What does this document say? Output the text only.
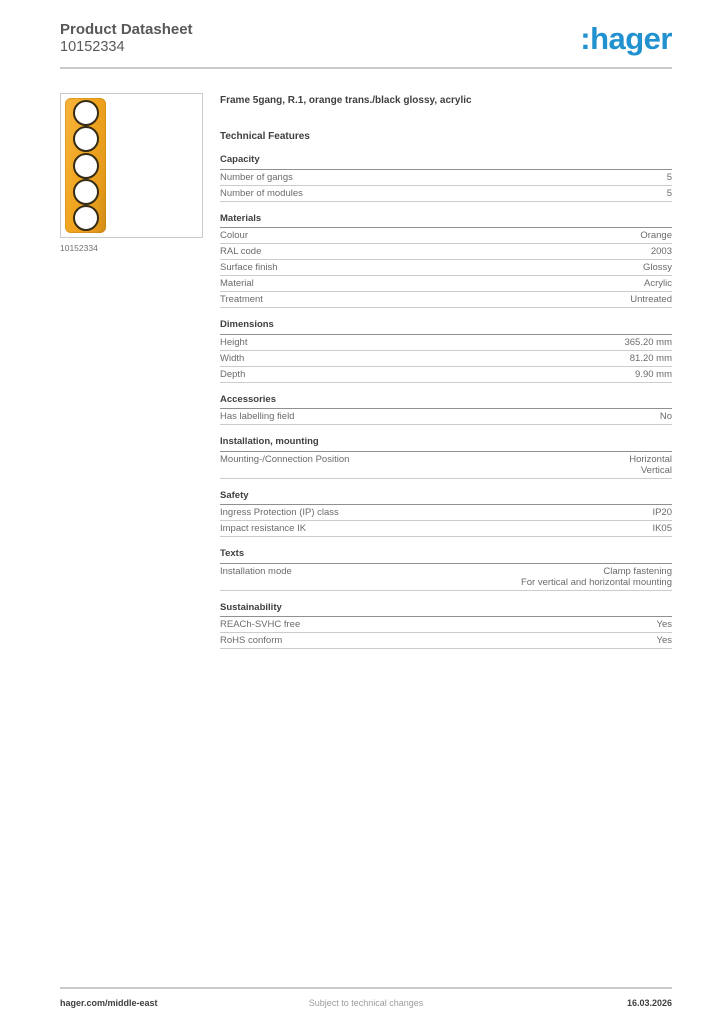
Product Datasheet
10152334	:hager
10152334
Frame 5gang, R.1, orange trans./black glossy, acrylic
Technical Features
Capacity
Number of gangs	5
Number of modules	5
Materials
Colour	Orange
RAL code	2003
Surface finish	Glossy
Material	Acrylic
Treatment	Untreated
Dimensions
Height	365.20 mm
Width	81.20 mm
Depth	9.90 mm
Accessories
Has labelling field	No
Installation, mounting
Mounting-/Connection Position	Horizontal
Vertical
Safety
Ingress Protection (IP) class	IP20
Impact resistance IK	IK05
Texts
Installation mode	Clamp fastening
For vertical and horizontal mounting
Sustainability
REACh-SVHC free	Yes
RoHS conform	Yes
hager.com/middle-east	Subject to technical changes	16.03.2026
